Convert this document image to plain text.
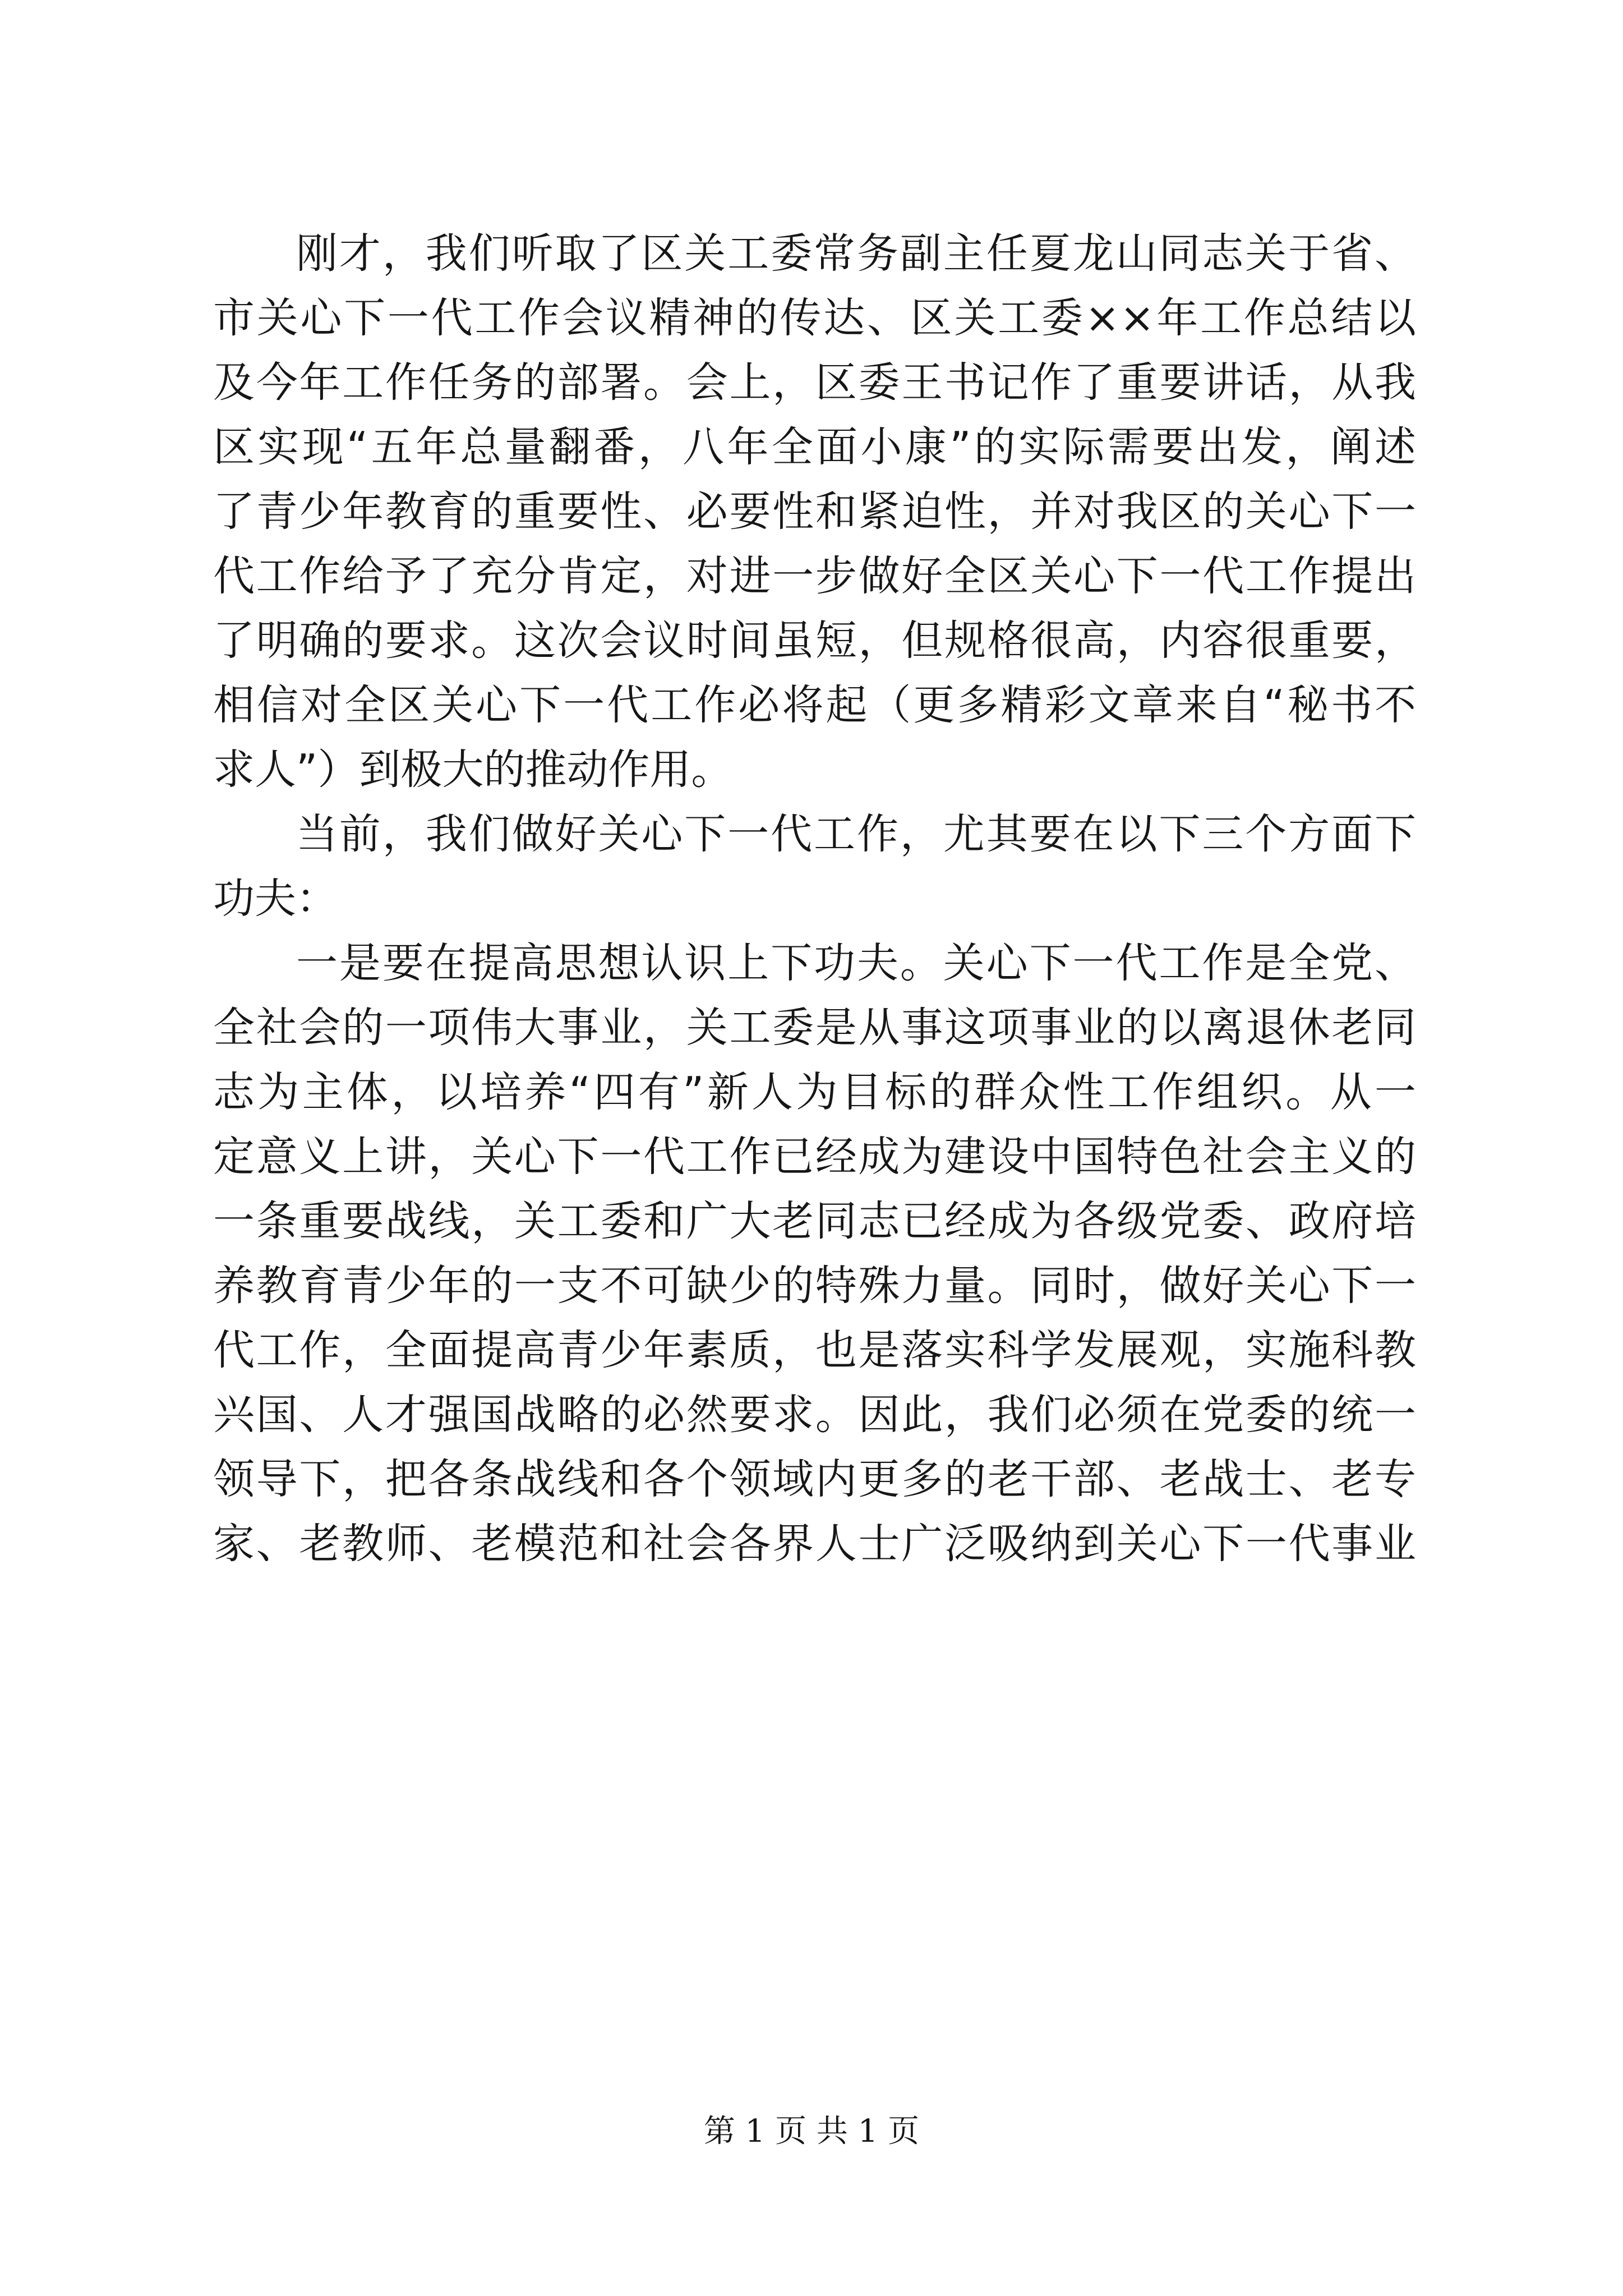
刚才，我们听取了区关工委常务副主任夏龙山同志关于省、
市关心下一代工作会议精神的传达、区关工委××年工作总结以
及今年工作任务的部署。会上，区委王书记作了重要讲话，从我
区实现“五年总量翻番，八年全面小康”的实际需要出发，阐述
了青少年教育的重要性、必要性和紧迫性，并对我区的关心下一
代工作给予了充分肯定，对进一步做好全区关心下一代工作提出
了明确的要求。这次会议时间虽短，但规格很高，内容很重要，
相信对全区关心下一代工作必将起（更多精彩文章来自“秘书不
求人”）到极大的推动作用。
当前，我们做好关心下一代工作，尤其要在以下三个方面下
功夫：
一是要在提高思想认识上下功夫。关心下一代工作是全党、
全社会的一项伟大事业，关工委是从事这项事业的以离退休老同
志为主体，以培养“四有”新人为目标的群众性工作组织。从一
定意义上讲，关心下一代工作已经成为建设中国特色社会主义的
一条重要战线，关工委和广大老同志已经成为各级党委、政府培
养教育青少年的一支不可缺少的特殊力量。同时，做好关心下一
代工作，全面提高青少年素质，也是落实科学发展观，实施科教
兴国、人才强国战略的必然要求。因此，我们必须在党委的统一
领导下，把各条战线和各个领域内更多的老干部、老战士、老专
家、老教师、老模范和社会各界人士广泛吸纳到关心下一代事业
第 1 页 共 1 页
